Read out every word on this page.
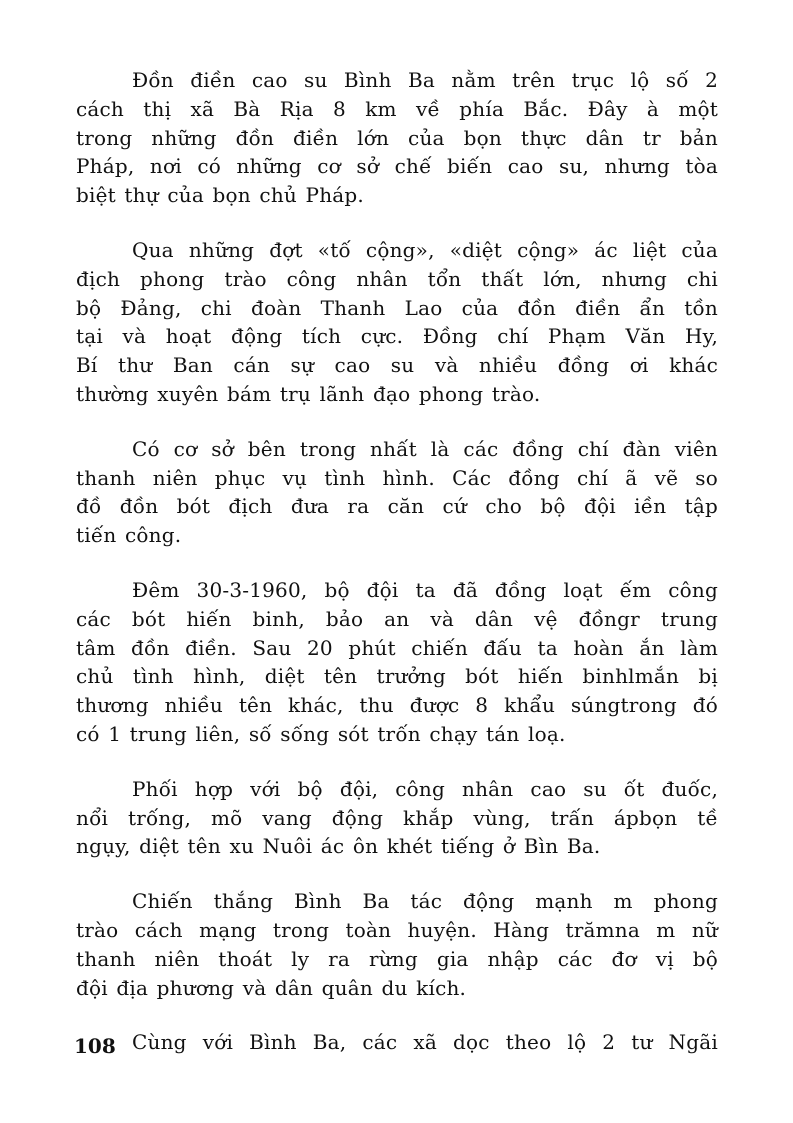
Đồn điền cao su Bình Ba nằm trên trục lộ số 2
cách thị xã Bà Rịa 8 km về phía Bắc. Đây à một
trong những đồn điền lớn của bọn thực dân tr bản
Pháp, nơi có những cơ sở chế biến cao su, nhưng tòa
biệt thự của bọn chủ Pháp.

Qua những đợt «tố cộng», «diệt cộng» ác liệt của
địch phong trào công nhân tổn thất lớn, nhưng chi
bộ Đảng, chi đoàn Thanh Lao của đồn điền ẩn tồn
tại và hoạt động tích cực. Đồng chí Phạm Văn Hy,
Bí thư Ban cán sự cao su và nhiều đồng ơi khác
thường xuyên bám trụ lãnh đạo phong trào.

Có cơ sở bên trong nhất là các đồng chí đàn viên
thanh niên phục vụ tình hình. Các đồng chí ã vẽ so
đồ đồn bót địch đưa ra căn cứ cho bộ đội iền tập
tiến công.

Đêm 30-3-1960, bộ đội ta đã đồng loạt ếm công
các bót hiến binh, bảo an và dân vệ đồngr trung
tâm đồn điền. Sau 20 phút chiến đấu ta hoàn ắn làm
chủ tình hình, diệt tên trưởng bót hiến binhlmắn bị
thương nhiều tên khác, thu được 8 khẩu súngtrong đó
có 1 trung liên, số sống sót trốn chạy tán loạ.

Phối hợp với bộ đội, công nhân cao su ốt đuốc,
nổi trống, mõ vang động khắp vùng, trấn ápbọn tề
ngụy, diệt tên xu Nuôi ác ôn khét tiếng ở Bìn Ba.

Chiến thắng Bình Ba tác động mạnh m phong
trào cách mạng trong toàn huyện. Hàng trămna m nữ
thanh niên thoát ly ra rừng gia nhập các đơ vị bộ
đội địa phương và dân quân du kích.

Cùng với Bình Ba, các xã dọc theo lộ 2 tư Ngãi

108
